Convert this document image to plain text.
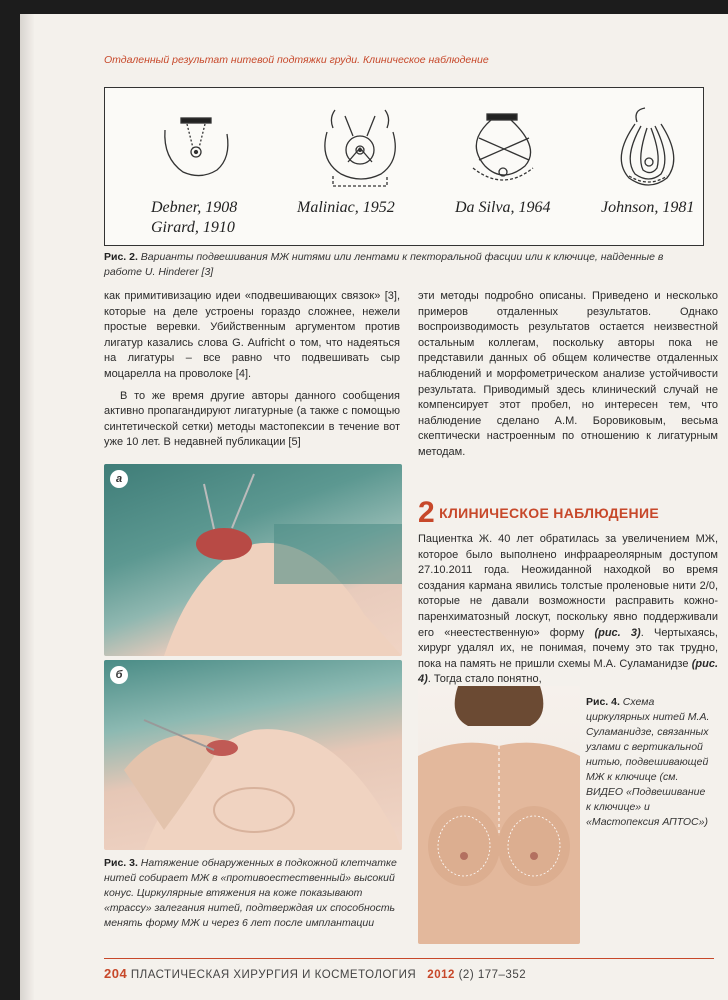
Отдаленный результат нитевой подтяжки груди. Клиническое наблюдение
Debner, 1908
Girard, 1910
Maliniac, 1952	Da Silva, 1964	Johnson, 1981
Рис. 2. Варианты подвешивания МЖ нитями или лентами к пекторальной фасции или к ключице, найденные в работе U. Hinderer [3]

как примитивизацию идеи «подвешивающих связок» [3], которые на деле устроены гораздо сложнее, нежели простые веревки. Убийственным аргументом против лигатур казались слова G. Aufricht о том, что надеяться на лигатуры – все равно что подвешивать сыр моцарелла на проволоке [4].

В то же время другие авторы данного сообщения активно пропагандируют лигатурные (а также с помощью синтетической сетки) методы мастопексии в течение вот уже 10 лет. В недавней публикации [5]

эти методы подробно описаны. Приведено и несколько примеров отдаленных результатов. Однако воспроизводимость результатов остается неизвестной остальным коллегам, поскольку авторы пока не представили данных об общем количестве отдаленных наблюдений и морфометрическом анализе устойчивости результата. Приводимый здесь клинический случай не компенсирует этот пробел, но интересен тем, что наблюдение сделано А.М. Боровиковым, весьма скептически настроенным по отношению к лигатурным методам.

а
б
Рис. 3. Натяжение обнаруженных в подкожной клетчатке нитей собирает МЖ в «противоестественный» высокий конус. Циркулярные втяжения на коже показывают «трассу» залегания нитей, подтверждая их способность менять форму МЖ и через 6 лет после имплантации
2 КЛИНИЧЕСКОЕ НАБЛЮДЕНИЕ

Пациентка Ж. 40 лет обратилась за увеличением МЖ, которое было выполнено инфраареолярным доступом 27.10.2011 года. Неожиданной находкой во время создания кармана явились толстые проленовые нити 2/0, которые не давали возможности расправить кожно-паренхиматозный лоскут, поскольку явно поддерживали его «неестественную» форму (рис. 3). Чертыхаясь, хирург удалял их, не понимая, почему это так трудно, пока на память не пришли схемы М.А. Суламанидзе (рис. 4). Тогда стало понятно,

Рис. 4. Схема циркулярных нитей М.А. Суламанидзе, связанных узлами с вертикальной нитью, подвешивающей МЖ к ключице (см. ВИДЕО «Подвешивание к ключице» и «Мастопексия АПТОС»)
204 ПЛАСТИЧЕСКАЯ ХИРУРГИЯ И КОСМЕТОЛОГИЯ 2012 (2) 177–352
